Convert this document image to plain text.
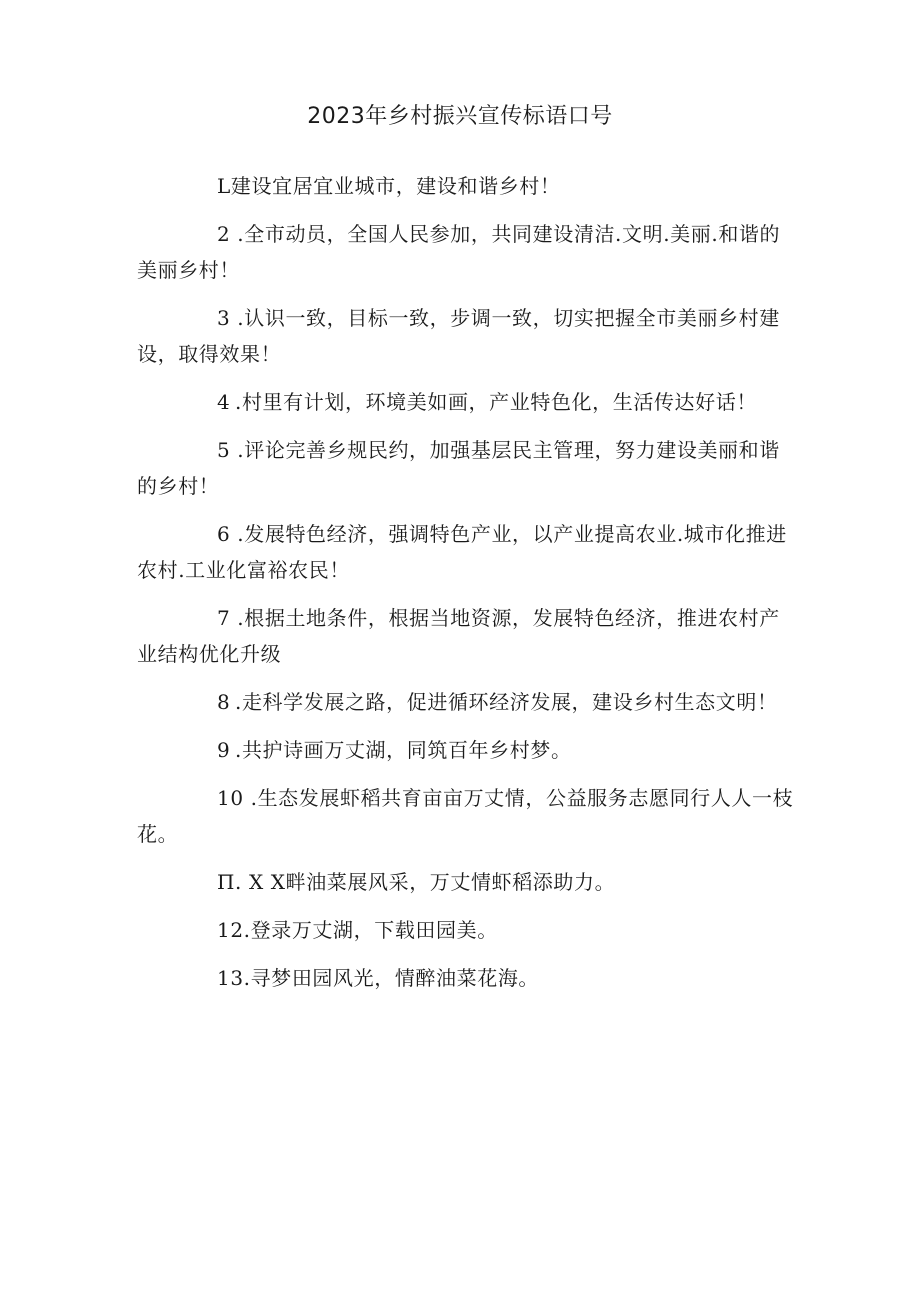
2023年乡村振兴宣传标语口号

L建设宜居宜业城市，建设和谐乡村！

2 .全市动员，全国人民参加，共同建设清洁.文明.美丽.和谐的美丽乡村！

3 .认识一致，目标一致，步调一致，切实把握全市美丽乡村建设，取得效果！

4 .村里有计划，环境美如画，产业特色化，生活传达好话！

5 .评论完善乡规民约，加强基层民主管理，努力建设美丽和谐的乡村！

6 .发展特色经济，强调特色产业，以产业提高农业.城市化推进农村.工业化富裕农民！

7 .根据土地条件，根据当地资源，发展特色经济，推进农村产业结构优化升级

8 .走科学发展之路，促进循环经济发展，建设乡村生态文明！

9 .共护诗画万丈湖，同筑百年乡村梦。

10 .生态发展虾稻共育亩亩万丈情，公益服务志愿同行人人一枝花。

Π. X X畔油菜展风采，万丈情虾稻添助力。

12.登录万丈湖，下载田园美。

13.寻梦田园风光，情醉油菜花海。
